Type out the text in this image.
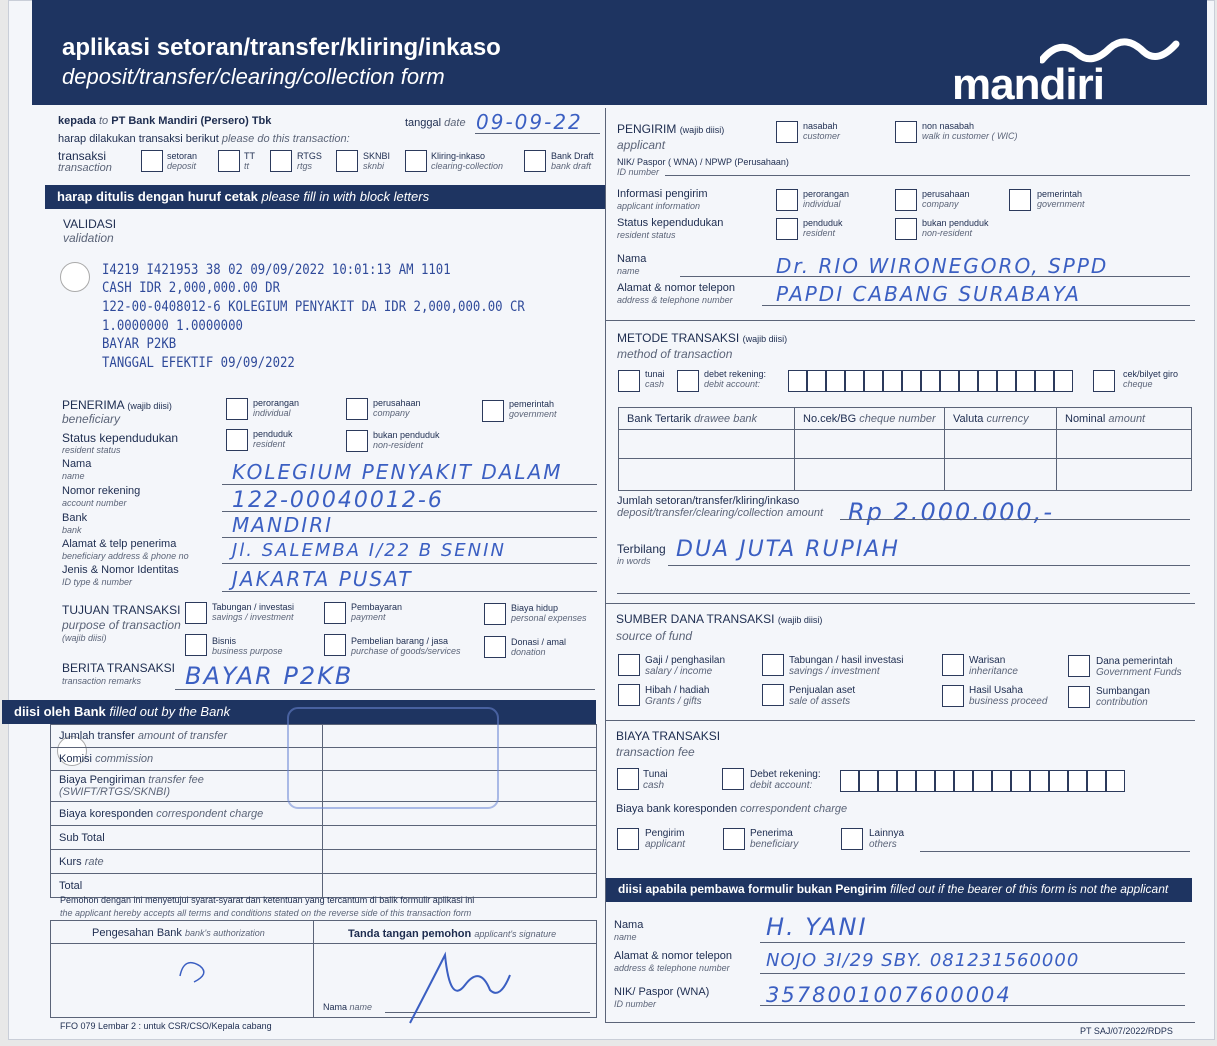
aplikasi setoran/transfer/kliring/inkaso
deposit/transfer/clearing/collection form	mandiri
kepada to PT Bank Mandiri (Persero) Tbk	tanggal date 09-09-22
harap dilakukan transaksi berikut please do this transaction:
transaksi
transaction
setoran
deposit
TT
tt
RTGS
rtgs
SKNBI
sknbi
Kliring-inkaso
clearing-collection
Bank Draft
bank draft
harap ditulis dengan huruf cetak please fill in with block letters
VALIDASI
validation
I4219 I421953 38 02 09/09/2022 10:01:13 AM 1101
CASH IDR 2,000,000.00 DR
122-00-0408012-6 KOLEGIUM PENYAKIT DA IDR 2,000,000.00 CR
1.0000000 1.0000000
BAYAR P2KB
TANGGAL EFEKTIF 09/09/2022
PENERIMA (wajib diisi)
beneficiary
perorangan
individual
perusahaan
company
pemerintah
government
Status kependudukan
resident status
penduduk
resident
bukan penduduk
non-resident
Nama
name	KOLEGIUM PENYAKIT DALAM
Nomor rekening
account number	122-00040012-6
Bank
bank	MANDIRI
Alamat & telp penerima
beneficiary address & phone no Jl. SALEMBA I/22 B SENIN
Jenis & Nomor Identitas
ID type & number	JAKARTA PUSAT
TUJUAN TRANSAKSI
purpose of transaction
(wajib diisi)
Tabungan / investasi
savings / investment
Pembayaran
payment
Biaya hidup
personal expenses
Bisnis
business purpose
Pembelian barang / jasa
purchase of goods/services
Donasi / amal
donation
BERITA TRANSAKSI
transaction remarks BAYAR P2KB
diisi oleh Bank filled out by the Bank
Jumlah transfer amount of transfer	
Komisi commission	
Biaya Pengiriman transfer fee (SWIFT/RTGS/SKNBI)	
Biaya koresponden correspondent charge	
Sub Total	
Kurs rate	
Total	
Pemohon dengan ini menyetujui syarat-syarat dan ketentuan yang tercantum di balik formulir aplikasi ini
the applicant hereby accepts all terms and conditions stated on the reverse side of this transaction form
Pengesahan Bank bank's authorization	Tanda tangan pemohon applicant's signature
Nama name
FFO 079 Lembar 2 : untuk CSR/CSO/Kepala cabang
PENGIRIM (wajib diisi)
applicant
nasabah
customer
non nasabah
walk in customer ( WIC)
NIK/ Paspor ( WNA) / NPWP (Perusahaan)
ID number
Informasi pengirim
applicant information
perorangan
individual
perusahaan
company
pemerintah
government
Status kependudukan
resident status
penduduk
resident
bukan penduduk
non-resident
Nama
name	Dr. RIO WIRONEGORO, SPPD
Alamat & nomor telepon
address & telephone number PAPDI CABANG SURABAYA
METODE TRANSAKSI (wajib diisi)
method of transaction
tunai
cash
debet rekening:
debit account:
cek/bilyet giro
cheque
Bank Tertarik drawee bank	No.cek/BG cheque number	Valuta currency	Nominal amount

Jumlah setoran/transfer/kliring/inkaso
deposit/transfer/clearing/collection amount Rp 2.000.000,-
Terbilang
in words DUA JUTA RUPIAH
SUMBER DANA TRANSAKSI (wajib diisi)
source of fund
Gaji / penghasilan
salary / income
Tabungan / hasil investasi
savings / investment
Warisan
inheritance
Dana pemerintah
Government Funds
Hibah / hadiah
Grants / gifts
Penjualan aset
sale of assets
Hasil Usaha
business proceed
Sumbangan
contribution
BIAYA TRANSAKSI
transaction fee
Tunai
cash
Debet rekening:
debit account:
Biaya bank koresponden correspondent charge
Pengirim
applicant
Penerima
beneficiary
Lainnya
others
diisi apabila pembawa formulir bukan Pengirim filled out if the bearer of this form is not the applicant
Nama
name	H. YANI
Alamat & nomor telepon
address & telephone number NOJO 3I/29 SBY. 081231560000
NIK/ Paspor (WNA)
ID number	3578001007600004
PT SAJ/07/2022/RDPS
